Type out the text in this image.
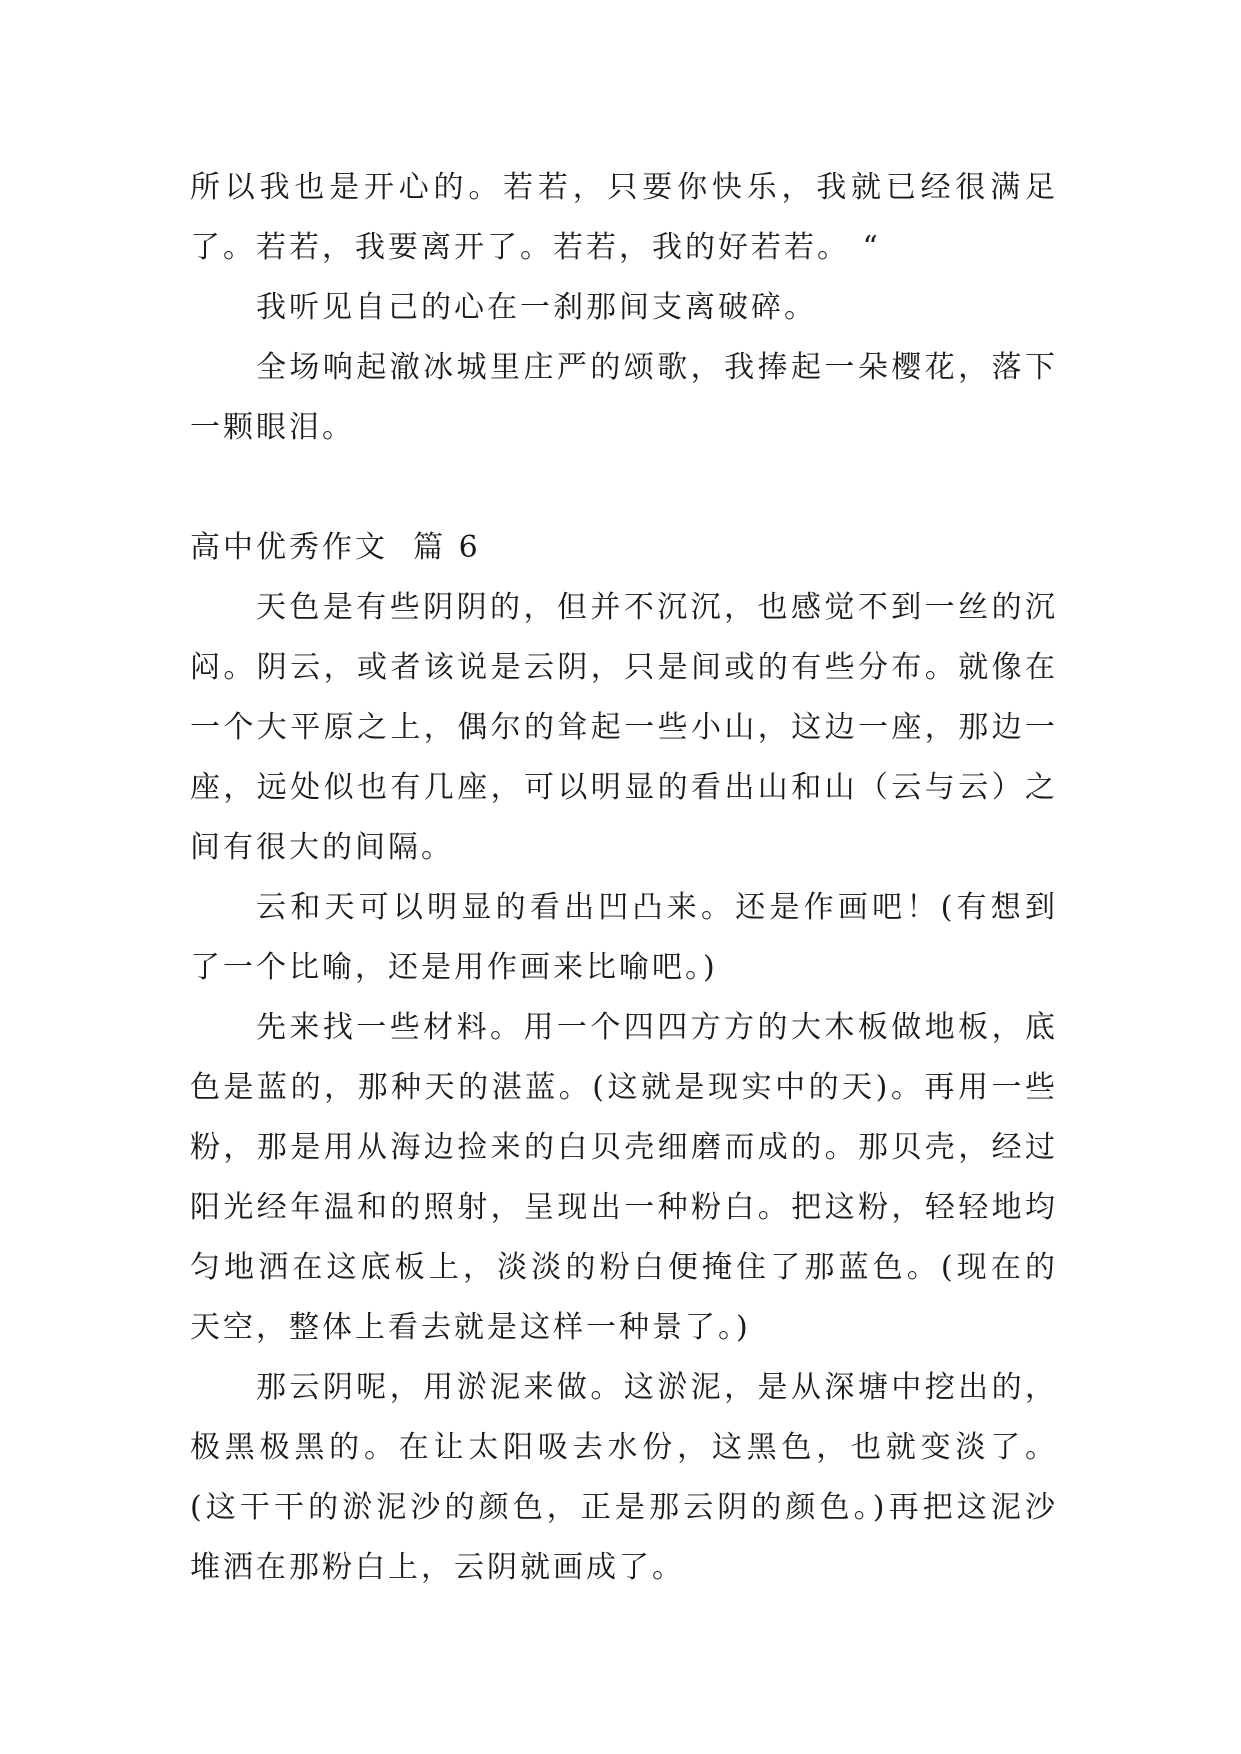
所以我也是开心的。若若，只要你快乐，我就已经很满足了。若若，我要离开了。若若，我的好若若。 “

我听见自己的心在一刹那间支离破碎。

全场响起澈冰城里庄严的颂歌，我捧起一朵樱花，落下一颗眼泪。

高中优秀作文  篇 6

天色是有些阴阴的，但并不沉沉，也感觉不到一丝的沉闷。阴云，或者该说是云阴，只是间或的有些分布。就像在一个大平原之上，偶尔的耸起一些小山，这边一座，那边一座，远处似也有几座，可以明显的看出山和山（云与云）之间有很大的间隔。

云和天可以明显的看出凹凸来。还是作画吧！(有想到了一个比喻，还是用作画来比喻吧。)

先来找一些材料。用一个四四方方的大木板做地板，底色是蓝的，那种天的湛蓝。(这就是现实中的天)。再用一些粉，那是用从海边捡来的白贝壳细磨而成的。那贝壳，经过阳光经年温和的照射，呈现出一种粉白。把这粉，轻轻地均匀地洒在这底板上，淡淡的粉白便掩住了那蓝色。(现在的天空，整体上看去就是这样一种景了。)

那云阴呢，用淤泥来做。这淤泥，是从深塘中挖出的，极黑极黑的。在让太阳吸去水份，这黑色，也就变淡了。(这干干的淤泥沙的颜色，正是那云阴的颜色。)再把这泥沙堆洒在那粉白上，云阴就画成了。
